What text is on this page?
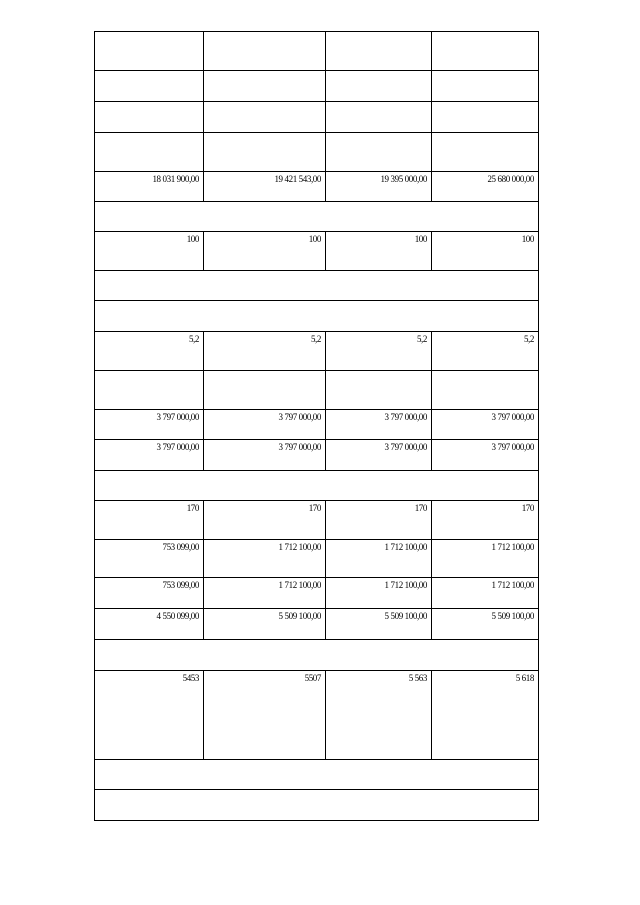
18 031 900,00	19 421 543,00	19 395 000,00	25 680 000,00

100	100	100	100

5,2	5,2	5,2	5,2

3 797 000,00	3 797 000,00	3 797 000,00	3 797 000,00
3 797 000,00	3 797 000,00	3 797 000,00	3 797 000,00

170	170	170	170
753 099,00	1 712 100,00	1 712 100,00	1 712 100,00
753 099,00	1 712 100,00	1 712 100,00	1 712 100,00
4 550 099,00	5 509 100,00	5 509 100,00	5 509 100,00

5453	5507	5 563	5 618
